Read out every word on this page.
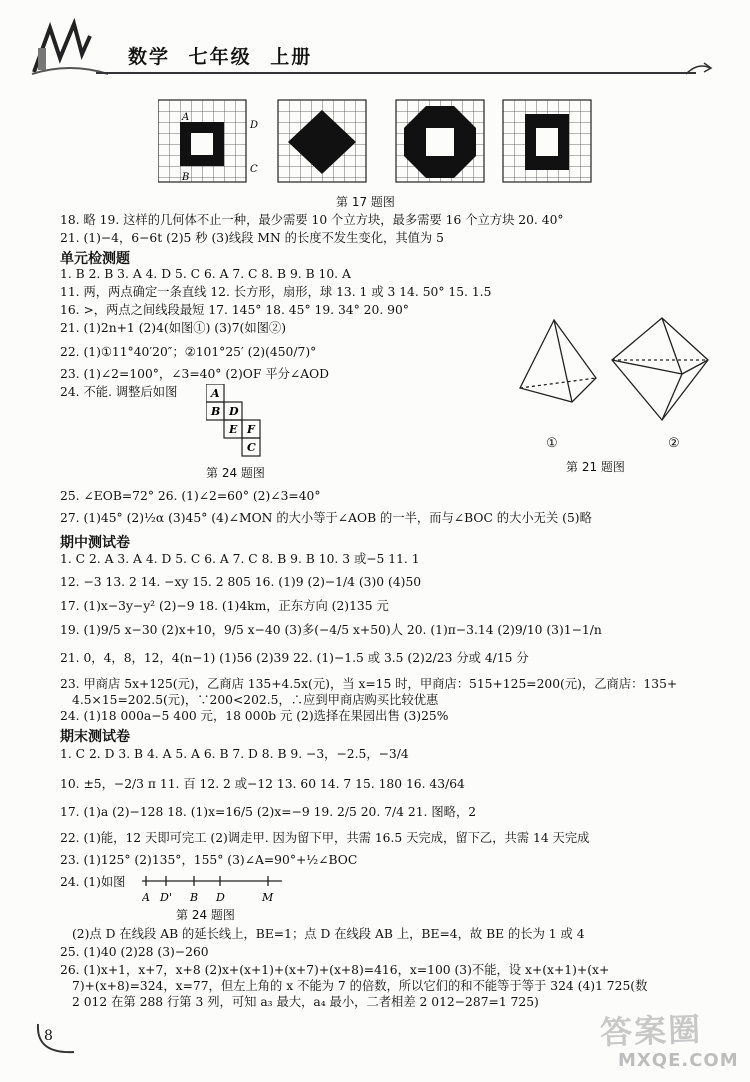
数学 七年级 上册
A
D
C
B
第 17 题图
18. 略 19. 这样的几何体不止一种，最少需要 10 个立方块，最多需要 16 个立方块 20. 40°
21. (1)−4，6−6t (2)5 秒 (3)线段 MN 的长度不发生变化，其值为 5
单元检测题
1. B 2. B 3. A 4. D 5. C 6. A 7. C 8. B 9. B 10. A
11. 两，两点确定一条直线 12. 长方形，扇形，球 13. 1 或 3 14. 50° 15. 1.5
16. >，两点之间线段最短 17. 145° 18. 45° 19. 34° 20. 90°
21. (1)2n+1 (2)4(如图①) (3)7(如图②)
22. (1)①11°40′20″；②101°25′ (2)(450/7)°
23. (1)∠2=100°，∠3=40° (2)OF 平分∠AOD
24. 不能. 调整后如图
①	②
第 21 题图
A
B D
E F
C
第 24 题图
25. ∠EOB=72° 26. (1)∠2=60° (2)∠3=40°
27. (1)45° (2)½α (3)45° (4)∠MON 的大小等于∠AOB 的一半，而与∠BOC 的大小无关 (5)略
期中测试卷
1. C 2. A 3. A 4. D 5. C 6. A 7. C 8. B 9. B 10. 3 或−5 11. 1
12. −3 13. 2 14. −xy 15. 2 805 16. (1)9 (2)−1/4 (3)0 (4)50
17. (1)x−3y−y² (2)−9 18. (1)4km，正东方向 (2)135 元
19. (1)9/5 x−30 (2)x+10，9/5 x−40 (3)多(−4/5 x+50)人 20. (1)π−3.14 (2)9/10 (3)1−1/n
21. 0，4，8，12，4(n−1) (1)56 (2)39 22. (1)−1.5 或 3.5 (2)2/23 分或 4/15 分
23. 甲商店 5x+125(元)，乙商店 135+4.5x(元)，当 x=15 时，甲商店：515+125=200(元)，乙商店：135+
4.5×15=202.5(元)，∵200<202.5，∴应到甲商店购买比较优惠
24. (1)18 000a−5 400 元，18 000b 元 (2)选择在果园出售 (3)25%
期末测试卷
1. C 2. D 3. B 4. A 5. A 6. B 7. D 8. B 9. −3，−2.5，−3/4
10. ±5，−2/3 π 11. 百 12. 2 或−12 13. 60 14. 7 15. 180 16. 43/64
17. (1)a (2)−128 18. (1)x=16/5 (2)x=−9 19. 2/5 20. 7/4 21. 图略，2
22. (1)能，12 天即可完工 (2)调走甲. 因为留下甲，共需 16.5 天完成，留下乙，共需 14 天完成
23. (1)125° (2)135°，155° (3)∠A=90°+½∠BOC
24. (1)如图
A D' B D	M
第 24 题图
(2)点 D 在线段 AB 的延长线上，BE=1；点 D 在线段 AB 上，BE=4，故 BE 的长为 1 或 4
25. (1)40 (2)28 (3)−260
26. (1)x+1，x+7，x+8 (2)x+(x+1)+(x+7)+(x+8)=416，x=100 (3)不能，设 x+(x+1)+(x+
7)+(x+8)=324，x=77，但左上角的 x 不能为 7 的倍数，所以它们的和不能等于等于 324 (4)1 725(数
2 012 在第 288 行第 3 列，可知 a₃ 最大，a₄ 最小，二者相差 2 012−287=1 725)
8	答案圈
MXQE.COM
